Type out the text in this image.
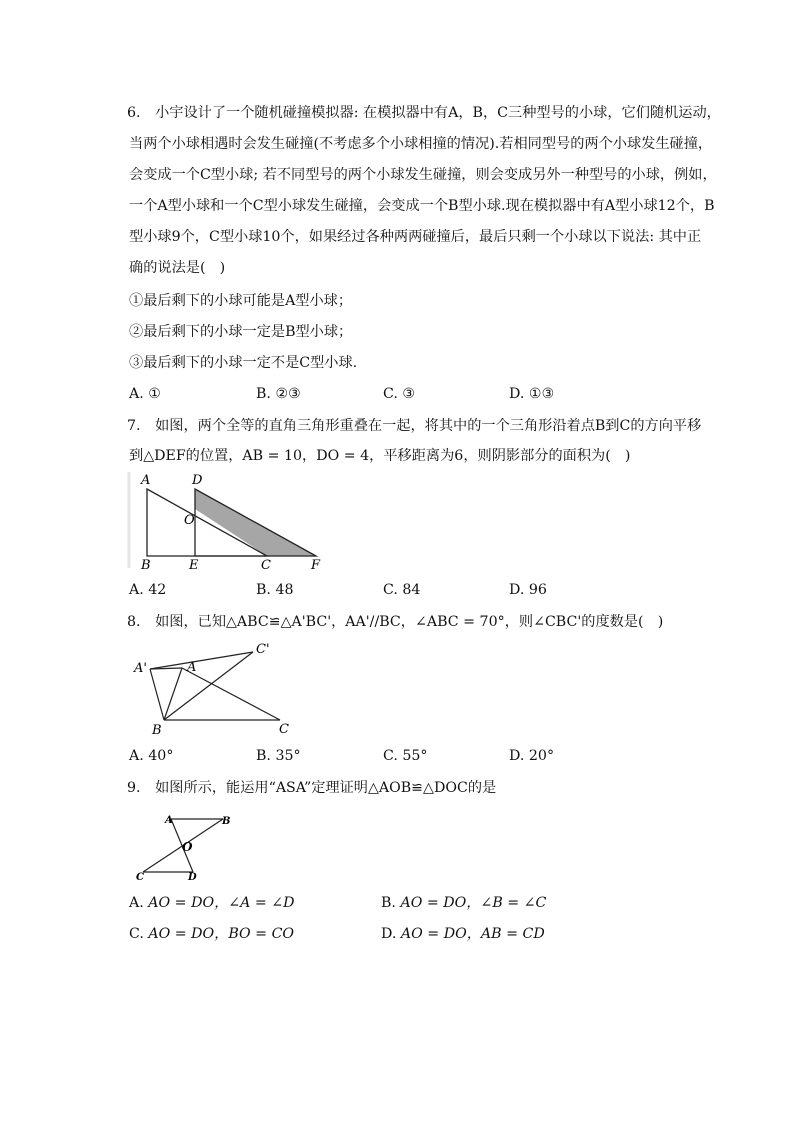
6. 小宇设计了一个随机碰撞模拟器: 在模拟器中有A，B，C三种型号的小球，它们随机运动，
当两个小球相遇时会发生碰撞(不考虑多个小球相撞的情况).若相同型号的两个小球发生碰撞，
会变成一个C型小球; 若不同型号的两个小球发生碰撞，则会变成另外一种型号的小球，例如，
一个A型小球和一个C型小球发生碰撞，会变成一个B型小球.现在模拟器中有A型小球12个，B
型小球9个，C型小球10个，如果经过各种两两碰撞后，最后只剩一个小球以下说法: 其中正
确的说法是(　)
①最后剩下的小球可能是A型小球；
②最后剩下的小球一定是B型小球；
③最后剩下的小球一定不是C型小球.
A. ①	B. ②③	C. ③	D. ①③
7. 如图，两个全等的直角三角形重叠在一起，将其中的一个三角形沿着点B到C的方向平移
到△DEF的位置，AB = 10，DO = 4，平移距离为6，则阴影部分的面积为(　)
A	D
O
B	E	C	F
A. 42	B. 48	C. 84	D. 96
8. 如图，已知△ABC≌△A'BC'，AA'//BC，∠ABC = 70°，则∠CBC'的度数是(　)
A'	A
C'
B	C
A. 40°	B. 35°	C. 55°	D. 20°
9. 如图所示，能运用“ASA”定理证明△AOB≌△DOC的是
A	B
O
C	D
A. AO = DO，∠A = ∠D	B. AO = DO，∠B = ∠C
C. AO = DO，BO = CO	D. AO = DO，AB = CD
